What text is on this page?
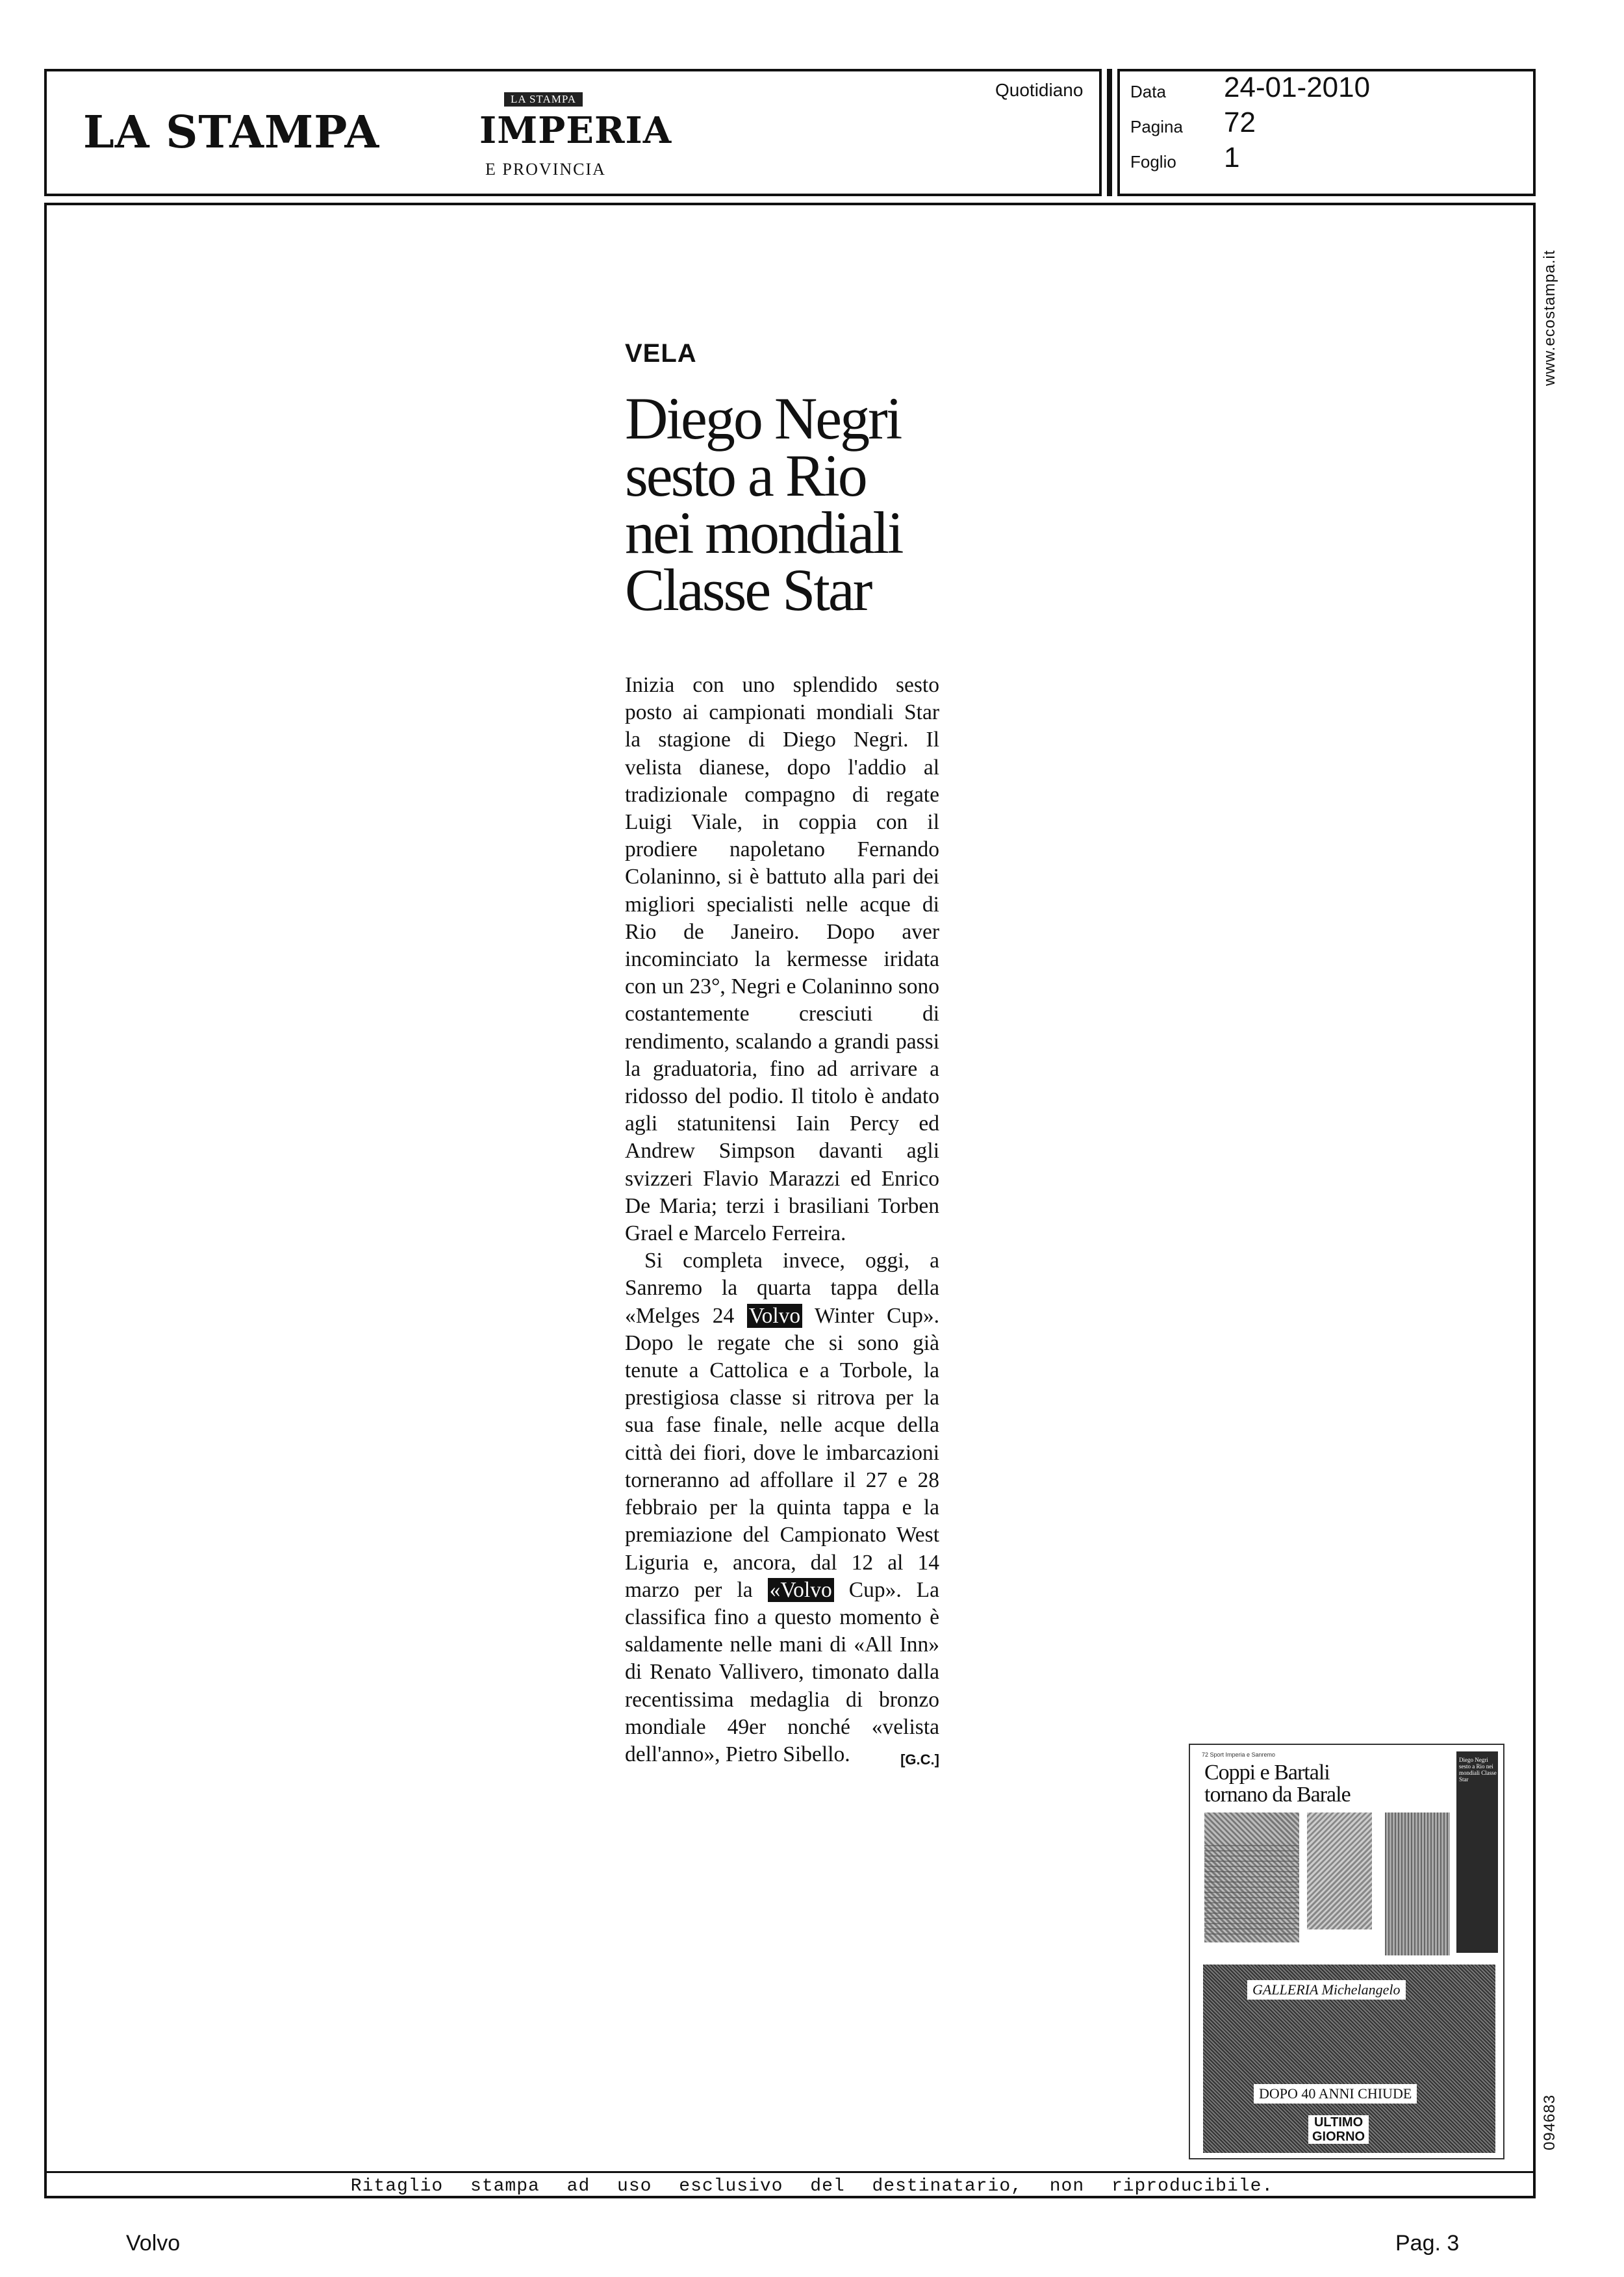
LA STAMPA
LA STAMPA
IMPERIA
E PROVINCIA
Quotidiano	Data 24-01-2010
Pagina 72
Foglio 1
www.ecostampa.it
094683
VELA
Diego Negri
sesto a Rio
nei mondiali
Classe Star

Inizia con uno splendido sesto posto ai campionati mondiali Star la stagione di Diego Negri. Il velista dianese, dopo l'addio al tradizionale compagno di regate Luigi Viale, in coppia con il prodiere napoletano Fernando Colaninno, si è battuto alla pari dei migliori specialisti nelle acque di Rio de Janeiro. Dopo aver incominciato la kermesse iridata con un 23°, Negri e Colaninno sono costantemente cresciuti di rendimento, scalando a grandi passi la graduatoria, fino ad arrivare a ridosso del podio. Il titolo è andato agli statunitensi Iain Percy ed Andrew Simpson davanti agli svizzeri Flavio Marazzi ed Enrico De Maria; terzi i brasiliani Torben Grael e Marcelo Ferreira.

Si completa invece, oggi, a Sanremo la quarta tappa della «Melges 24 Volvo Winter Cup». Dopo le regate che si sono già tenute a Cattolica e a Torbole, la prestigiosa classe si ritrova per la sua fase finale, nelle acque della città dei fiori, dove le imbarcazioni torneranno ad affollare il 27 e 28 febbraio per la quinta tappa e la premiazione del Campionato West Liguria e, ancora, dal 12 al 14 marzo per la «Volvo Cup». La classifica fino a questo momento è saldamente nelle mani di «All Inn» di Renato Vallivero, timonato dalla recentissima medaglia di bronzo mondiale 49er nonché «velista dell'anno», Pietro Sibello.	[G.C.]	72 Sport Imperia e Sanremo
Coppi e Bartali
tornano da Barale
Diego Negri sesto a Rio nei mondiali Classe Star
GALLERIA Michelangelo
DOPO 40 ANNI CHIUDE
ULTIMO
GIORNO
Ritaglio stampa ad uso esclusivo del destinatario, non riproducibile.
Volvo	Pag. 3
